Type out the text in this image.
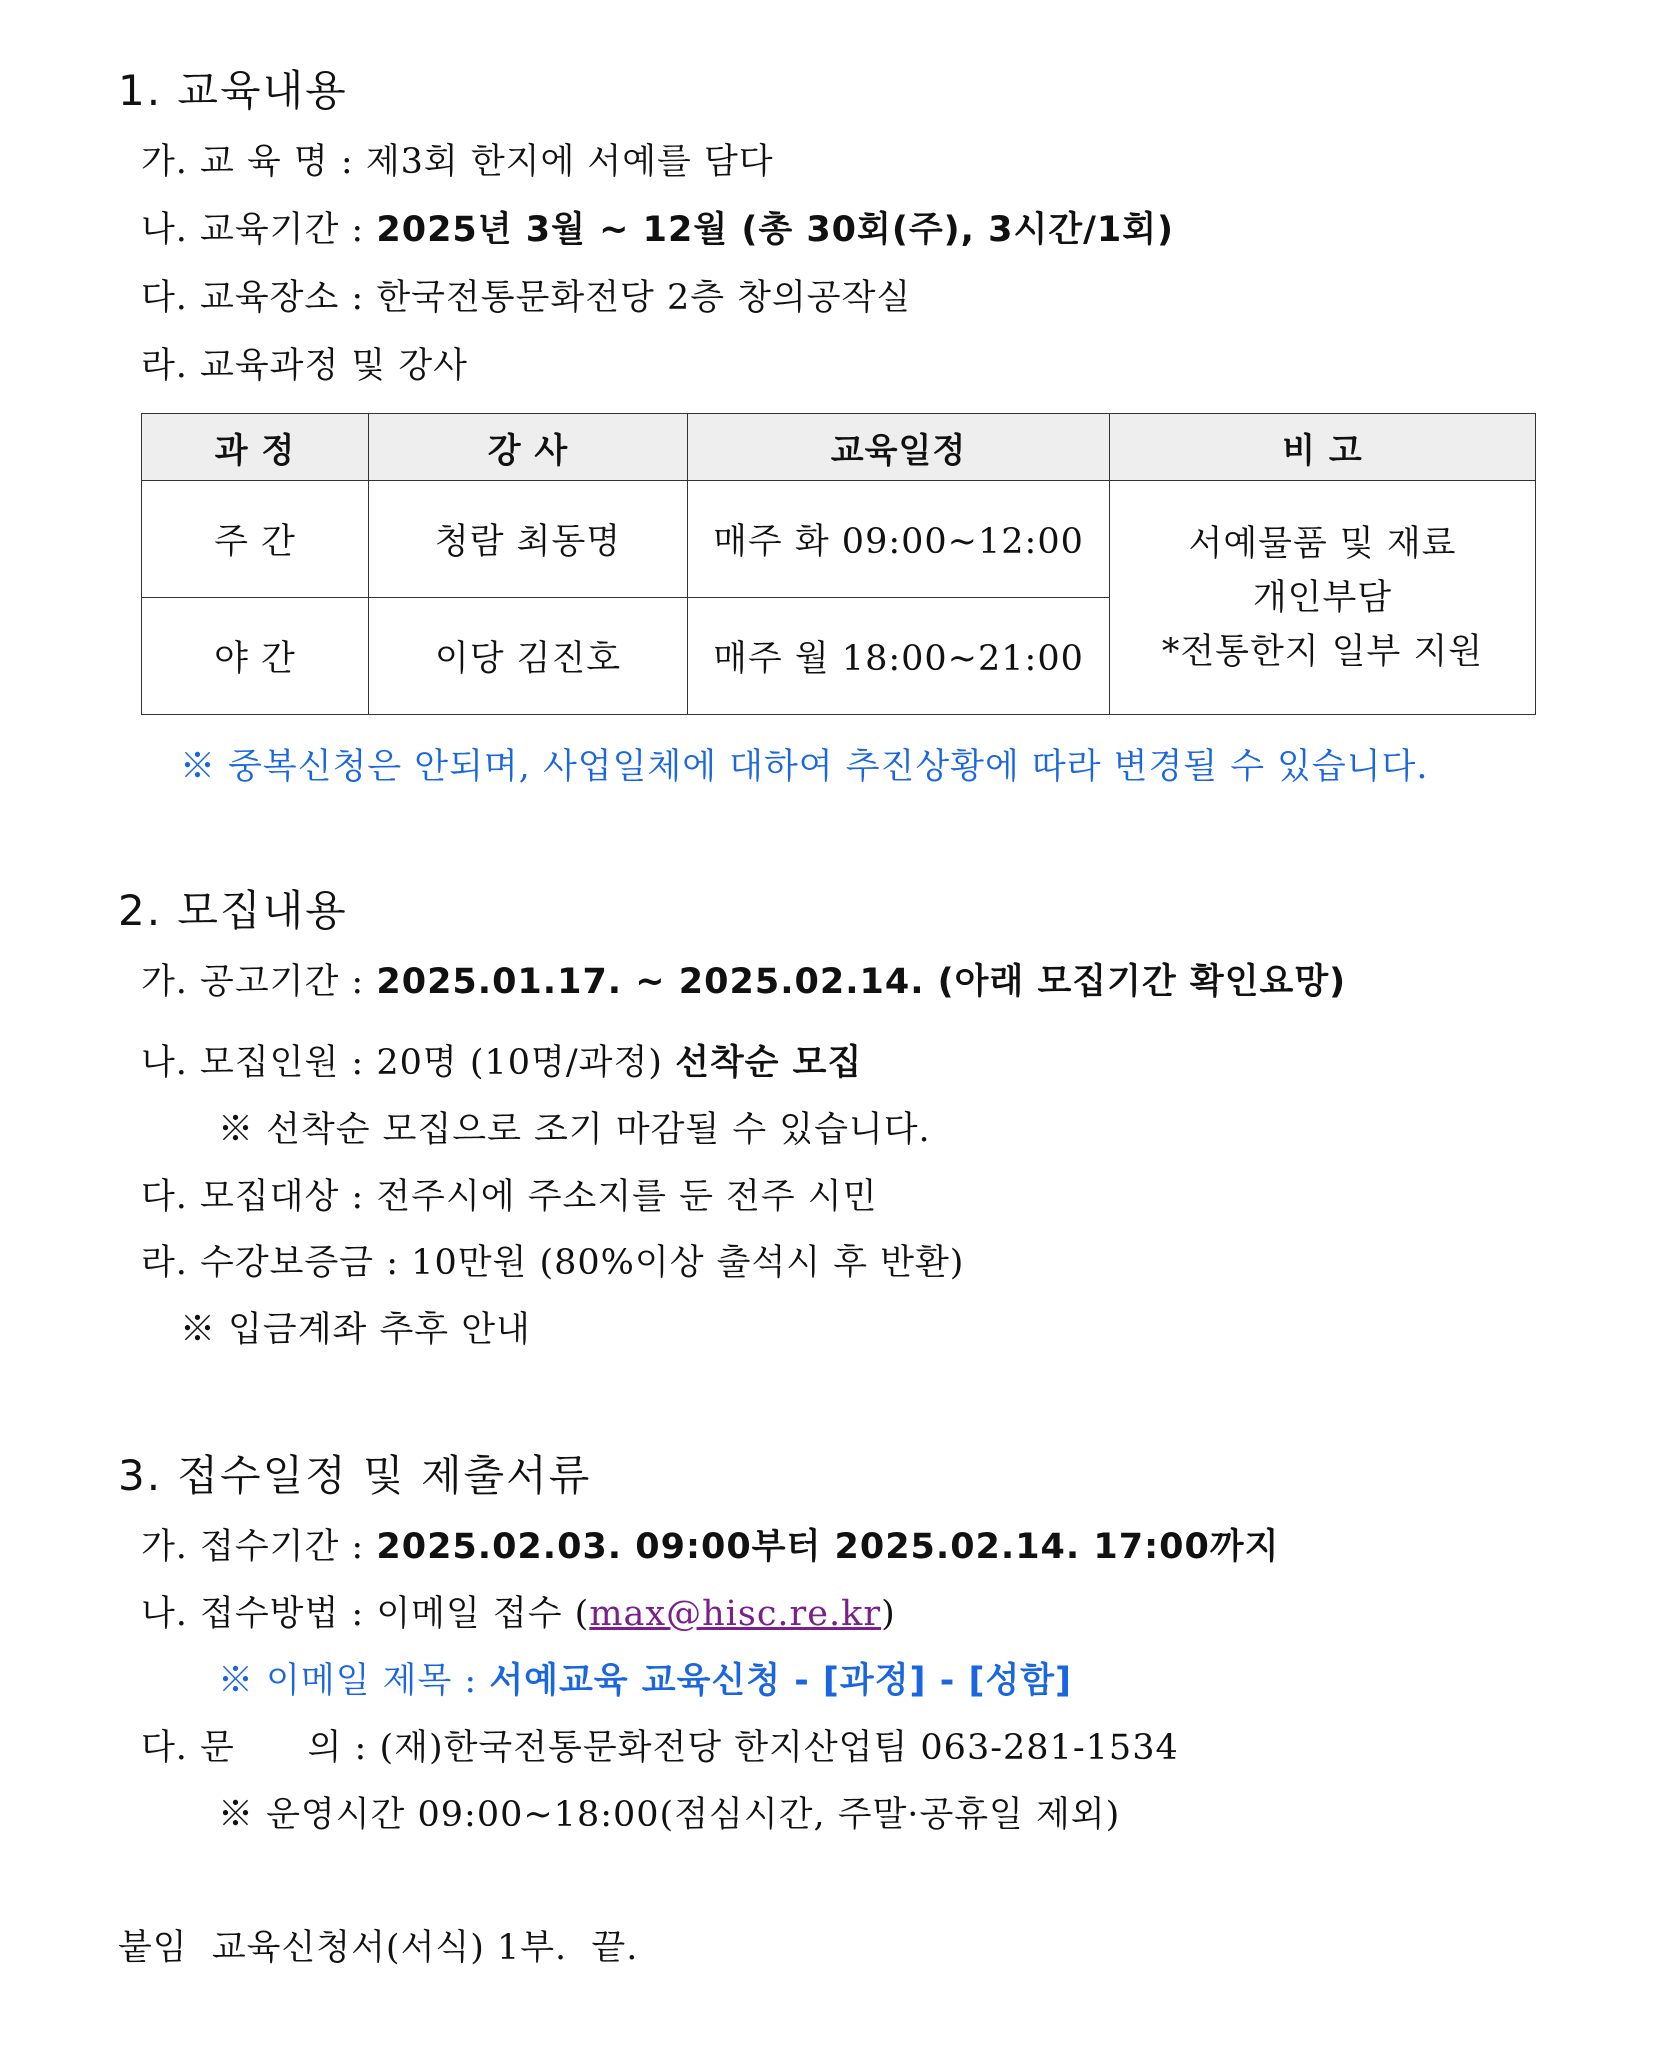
1. 교육내용
가. 교 육 명 : 제3회 한지에 서예를 담다
나. 교육기간 : 2025년 3월 ~ 12월 (총 30회(주), 3시간/1회)
다. 교육장소 : 한국전통문화전당 2층 창의공작실
라. 교육과정 및 강사
과 정	강 사	교육일정	비 고
주 간	청람 최동명	매주 화 09:00~12:00	서예물품 및 재료
개인부담
*전통한지 일부 지원

야 간	이당 김진호	매주 월 18:00~21:00	
※ 중복신청은 안되며, 사업일체에 대하여 추진상황에 따라 변경될 수 있습니다.
2. 모집내용
가. 공고기간 : 2025.01.17. ~ 2025.02.14. (아래 모집기간 확인요망)
나. 모집인원 : 20명 (10명/과정) 선착순 모집
※ 선착순 모집으로 조기 마감될 수 있습니다.
다. 모집대상 : 전주시에 주소지를 둔 전주 시민
라. 수강보증금 : 10만원 (80%이상 출석시 후 반환)
※ 입금계좌 추후 안내
3. 접수일정 및 제출서류
가. 접수기간 : 2025.02.03. 09:00부터 2025.02.14. 17:00까지
나. 접수방법 : 이메일 접수 (max@hisc.re.kr)
※ 이메일 제목 : 서예교육 교육신청 - [과정] - [성함]
다. 문      의 : (재)한국전통문화전당 한지산업팀 063-281-1534
※ 운영시간 09:00~18:00(점심시간, 주말·공휴일 제외)
붙임  교육신청서(서식) 1부.  끝.
